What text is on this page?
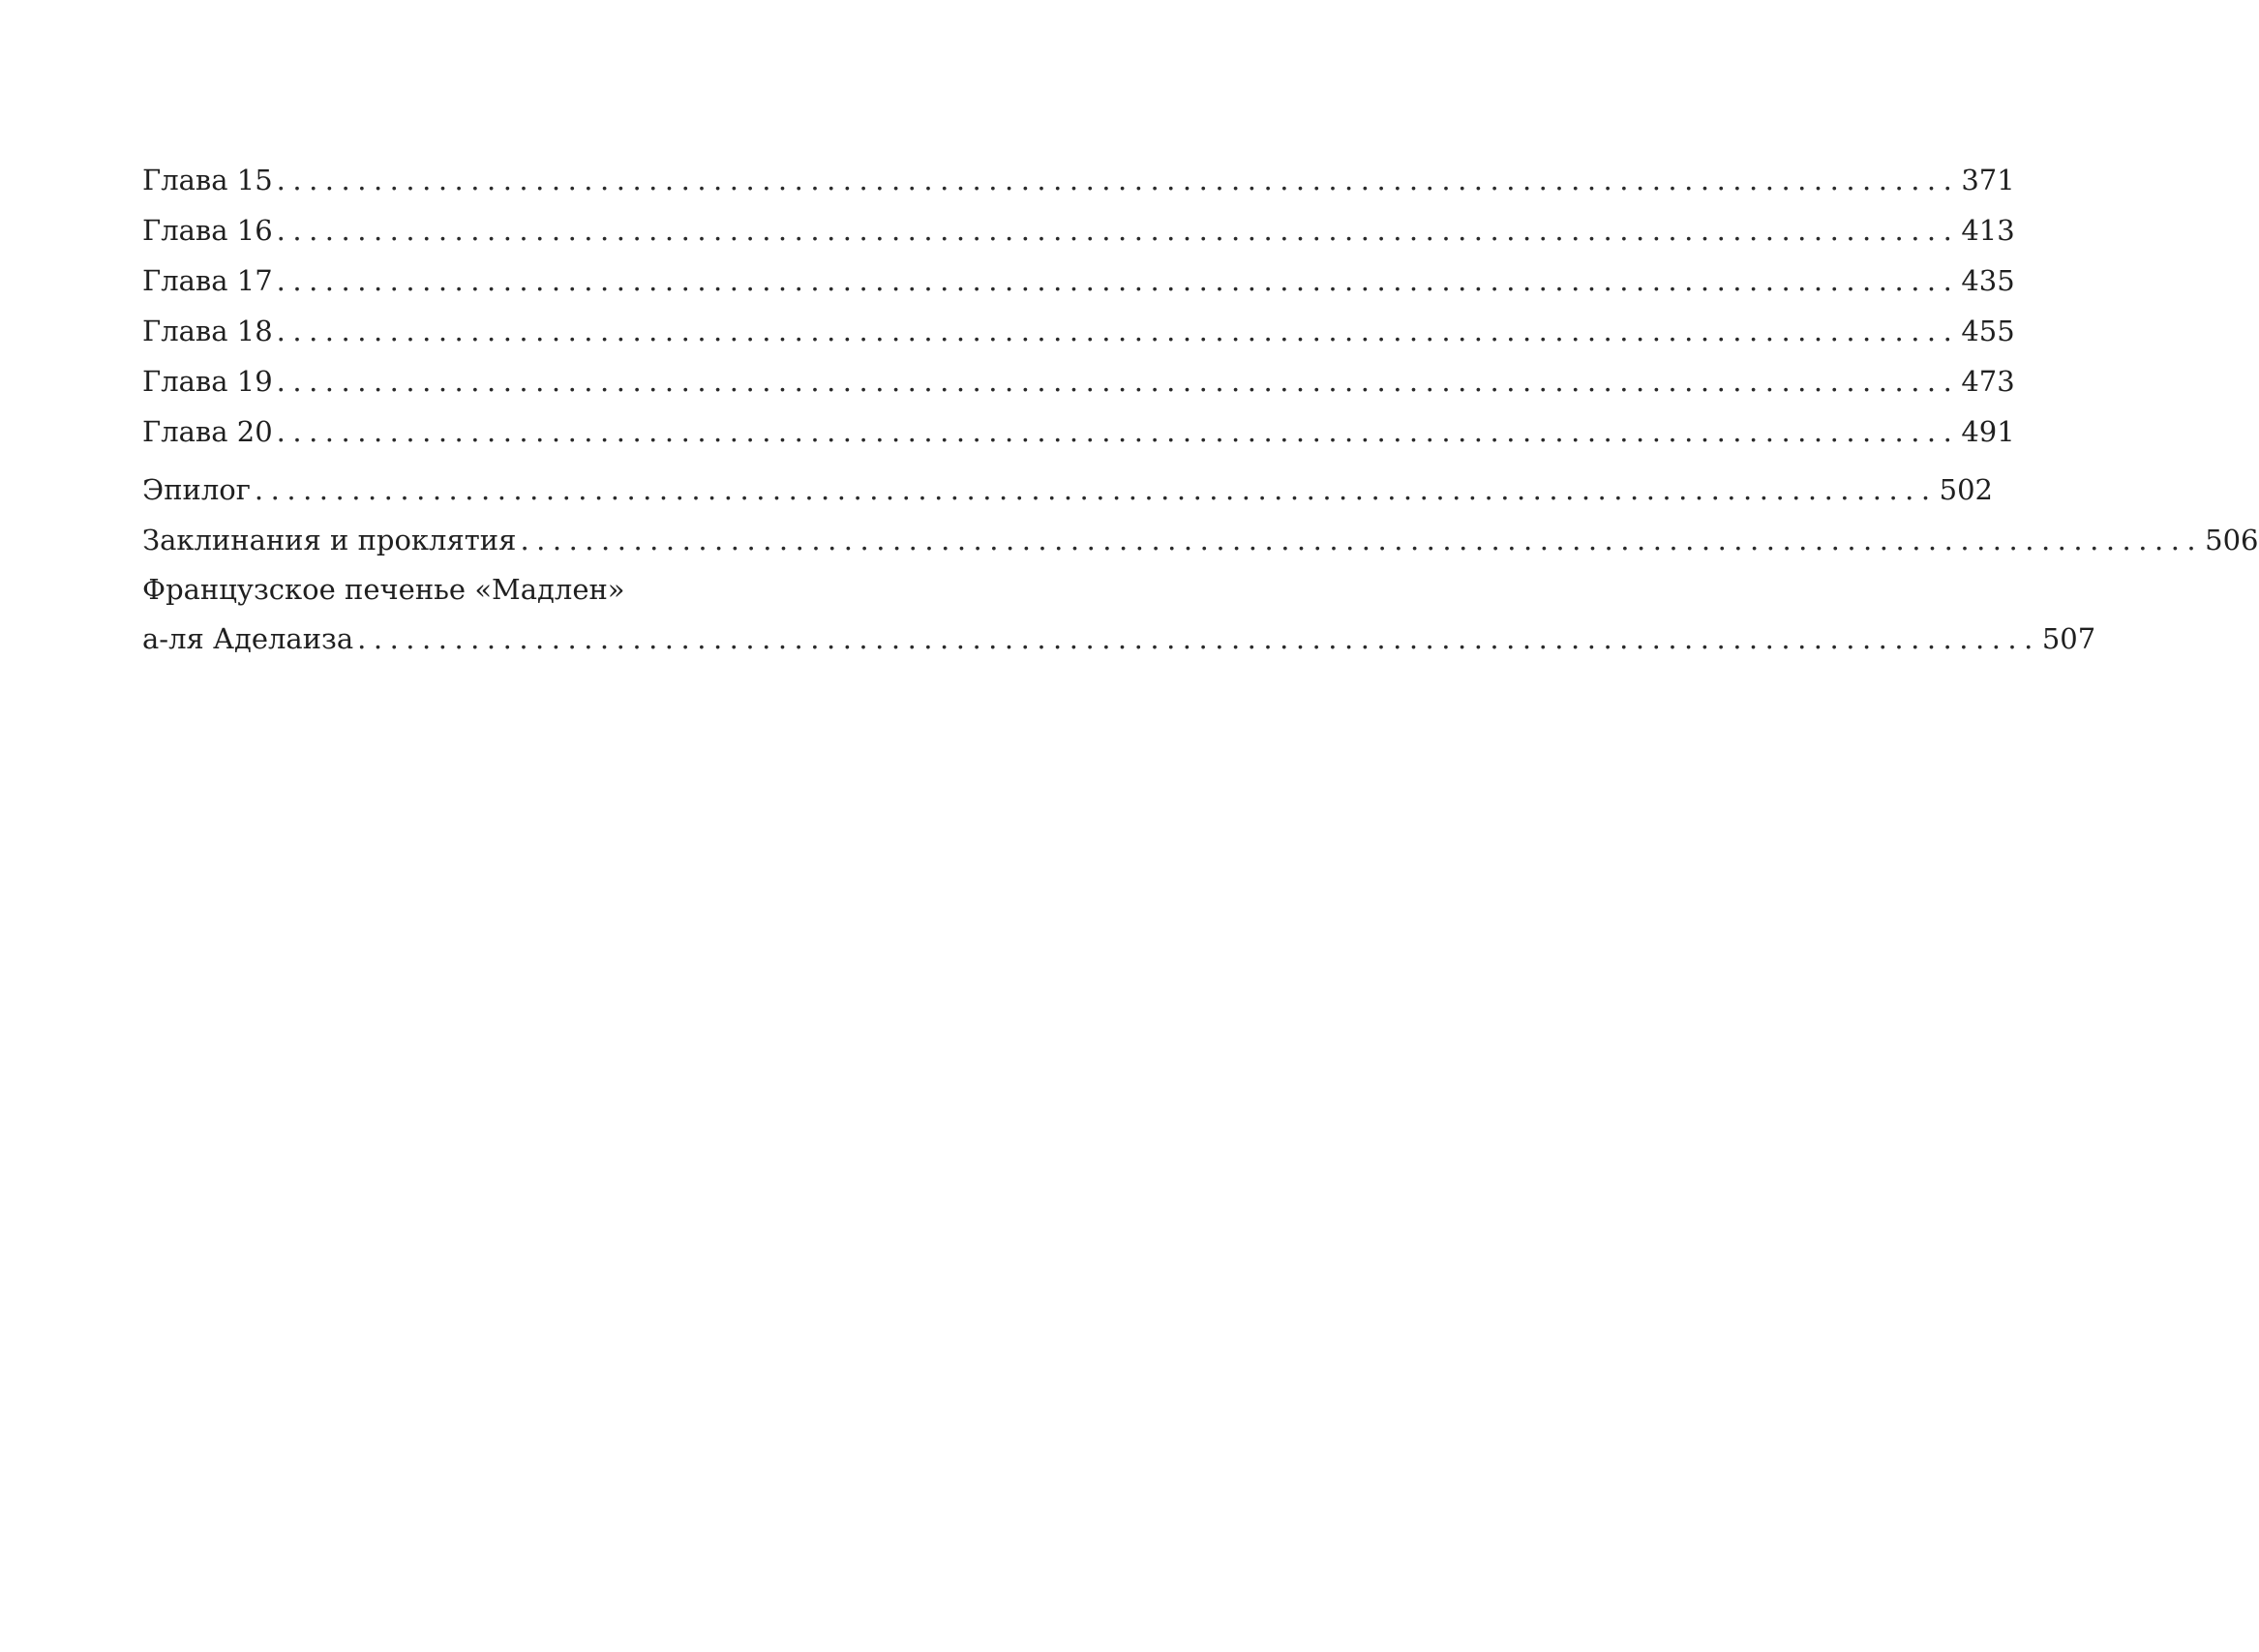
Глава 15 ........................................................................................................ 371
Глава 16 ........................................................................................................ 413
Глава 17 ........................................................................................................ 435
Глава 18 ........................................................................................................ 455
Глава 19 ........................................................................................................ 473
Глава 20 ........................................................................................................ 491
Эпилог ........................................................................................................ 502
Заклинания и проклятия ........................................................................................................ 506
Французское печенье «Мадлен»
а-ля Аделаиза ........................................................................................................ 507
